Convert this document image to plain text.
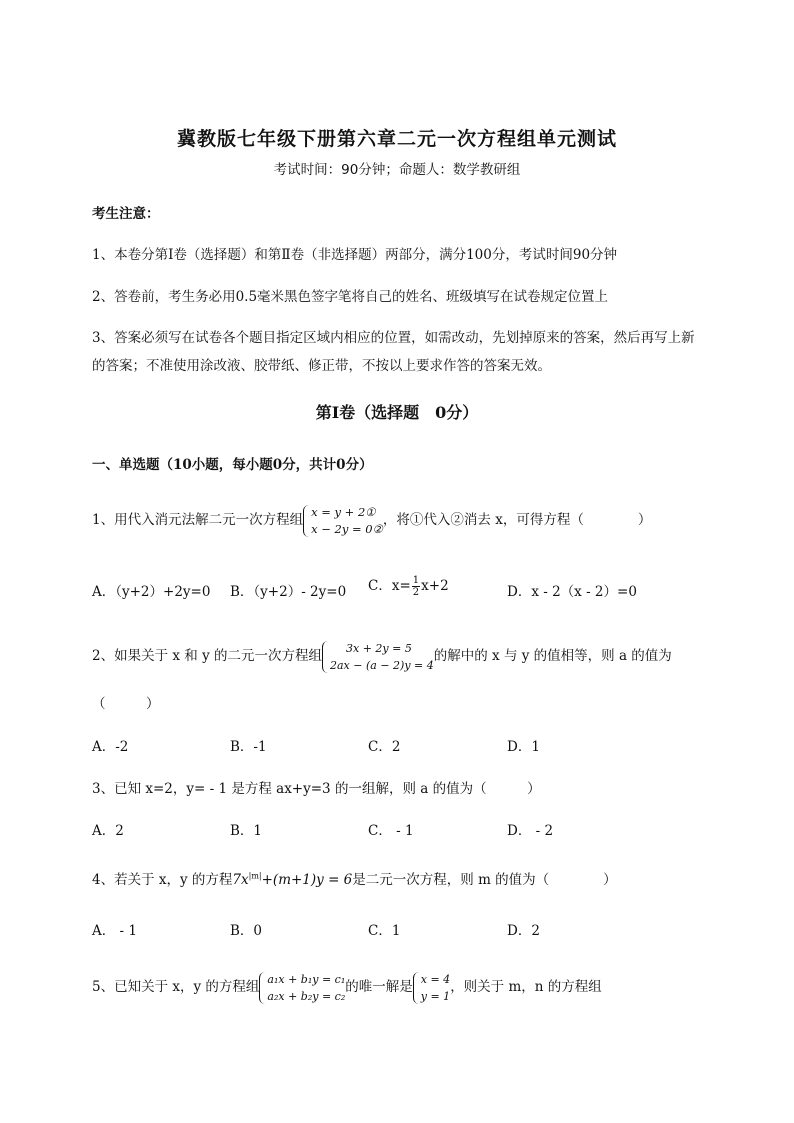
冀教版七年级下册第六章二元一次方程组单元测试
考试时间：90分钟；命题人：数学教研组
考生注意：
1、本卷分第I卷（选择题）和第Ⅱ卷（非选择题）两部分，满分100分，考试时间90分钟
2、答卷前，考生务必用0.5毫米黑色签字笔将自己的姓名、班级填写在试卷规定位置上
3、答案必须写在试卷各个题目指定区域内相应的位置，如需改动，先划掉原来的答案，然后再写上新
的答案；不准使用涂改液、胶带纸、修正带，不按以上要求作答的答案无效。
第I卷（选择题　0分）
一、单选题（10小题，每小题0分，共计0分）
1、用代入消元法解二元一次方程组
x = y + 2①
x − 2y = 0②
，将①代入②消去 x，可得方程（　　　　）
A．（y+2）+2y=0 B．（y+2）- 2y=0 C．$x= \frac{1}{2} x+2$	D．x - 2（x - 2）=0
2、如果关于 x 和 y 的二元一次方程组	3x + 2y = 5
2ax − (a − 2)y = 4
的解中的 x 与 y 的值相等，则 a 的值为
（　　　）
A．-2	B．-1	C．2	D．1
3、已知 x=2，y= - 1 是方程 ax+y=3 的一组解，则 a 的值为（　　　）
A．2	B．1	C． - 1	D． - 2
4、若关于 x，y 的方程$7x^{|m|}+(m+1)y = 6$是二元一次方程，则 m 的值为（　　　　）
A． - 1	B．0	C．1	D．2
5、已知关于 x，y 的方程组 a₁x + b₁y = c₁
a₂x + b₂y = c₂
的唯一解是 x = 4
y = 1
，则关于 m，n 的方程组
